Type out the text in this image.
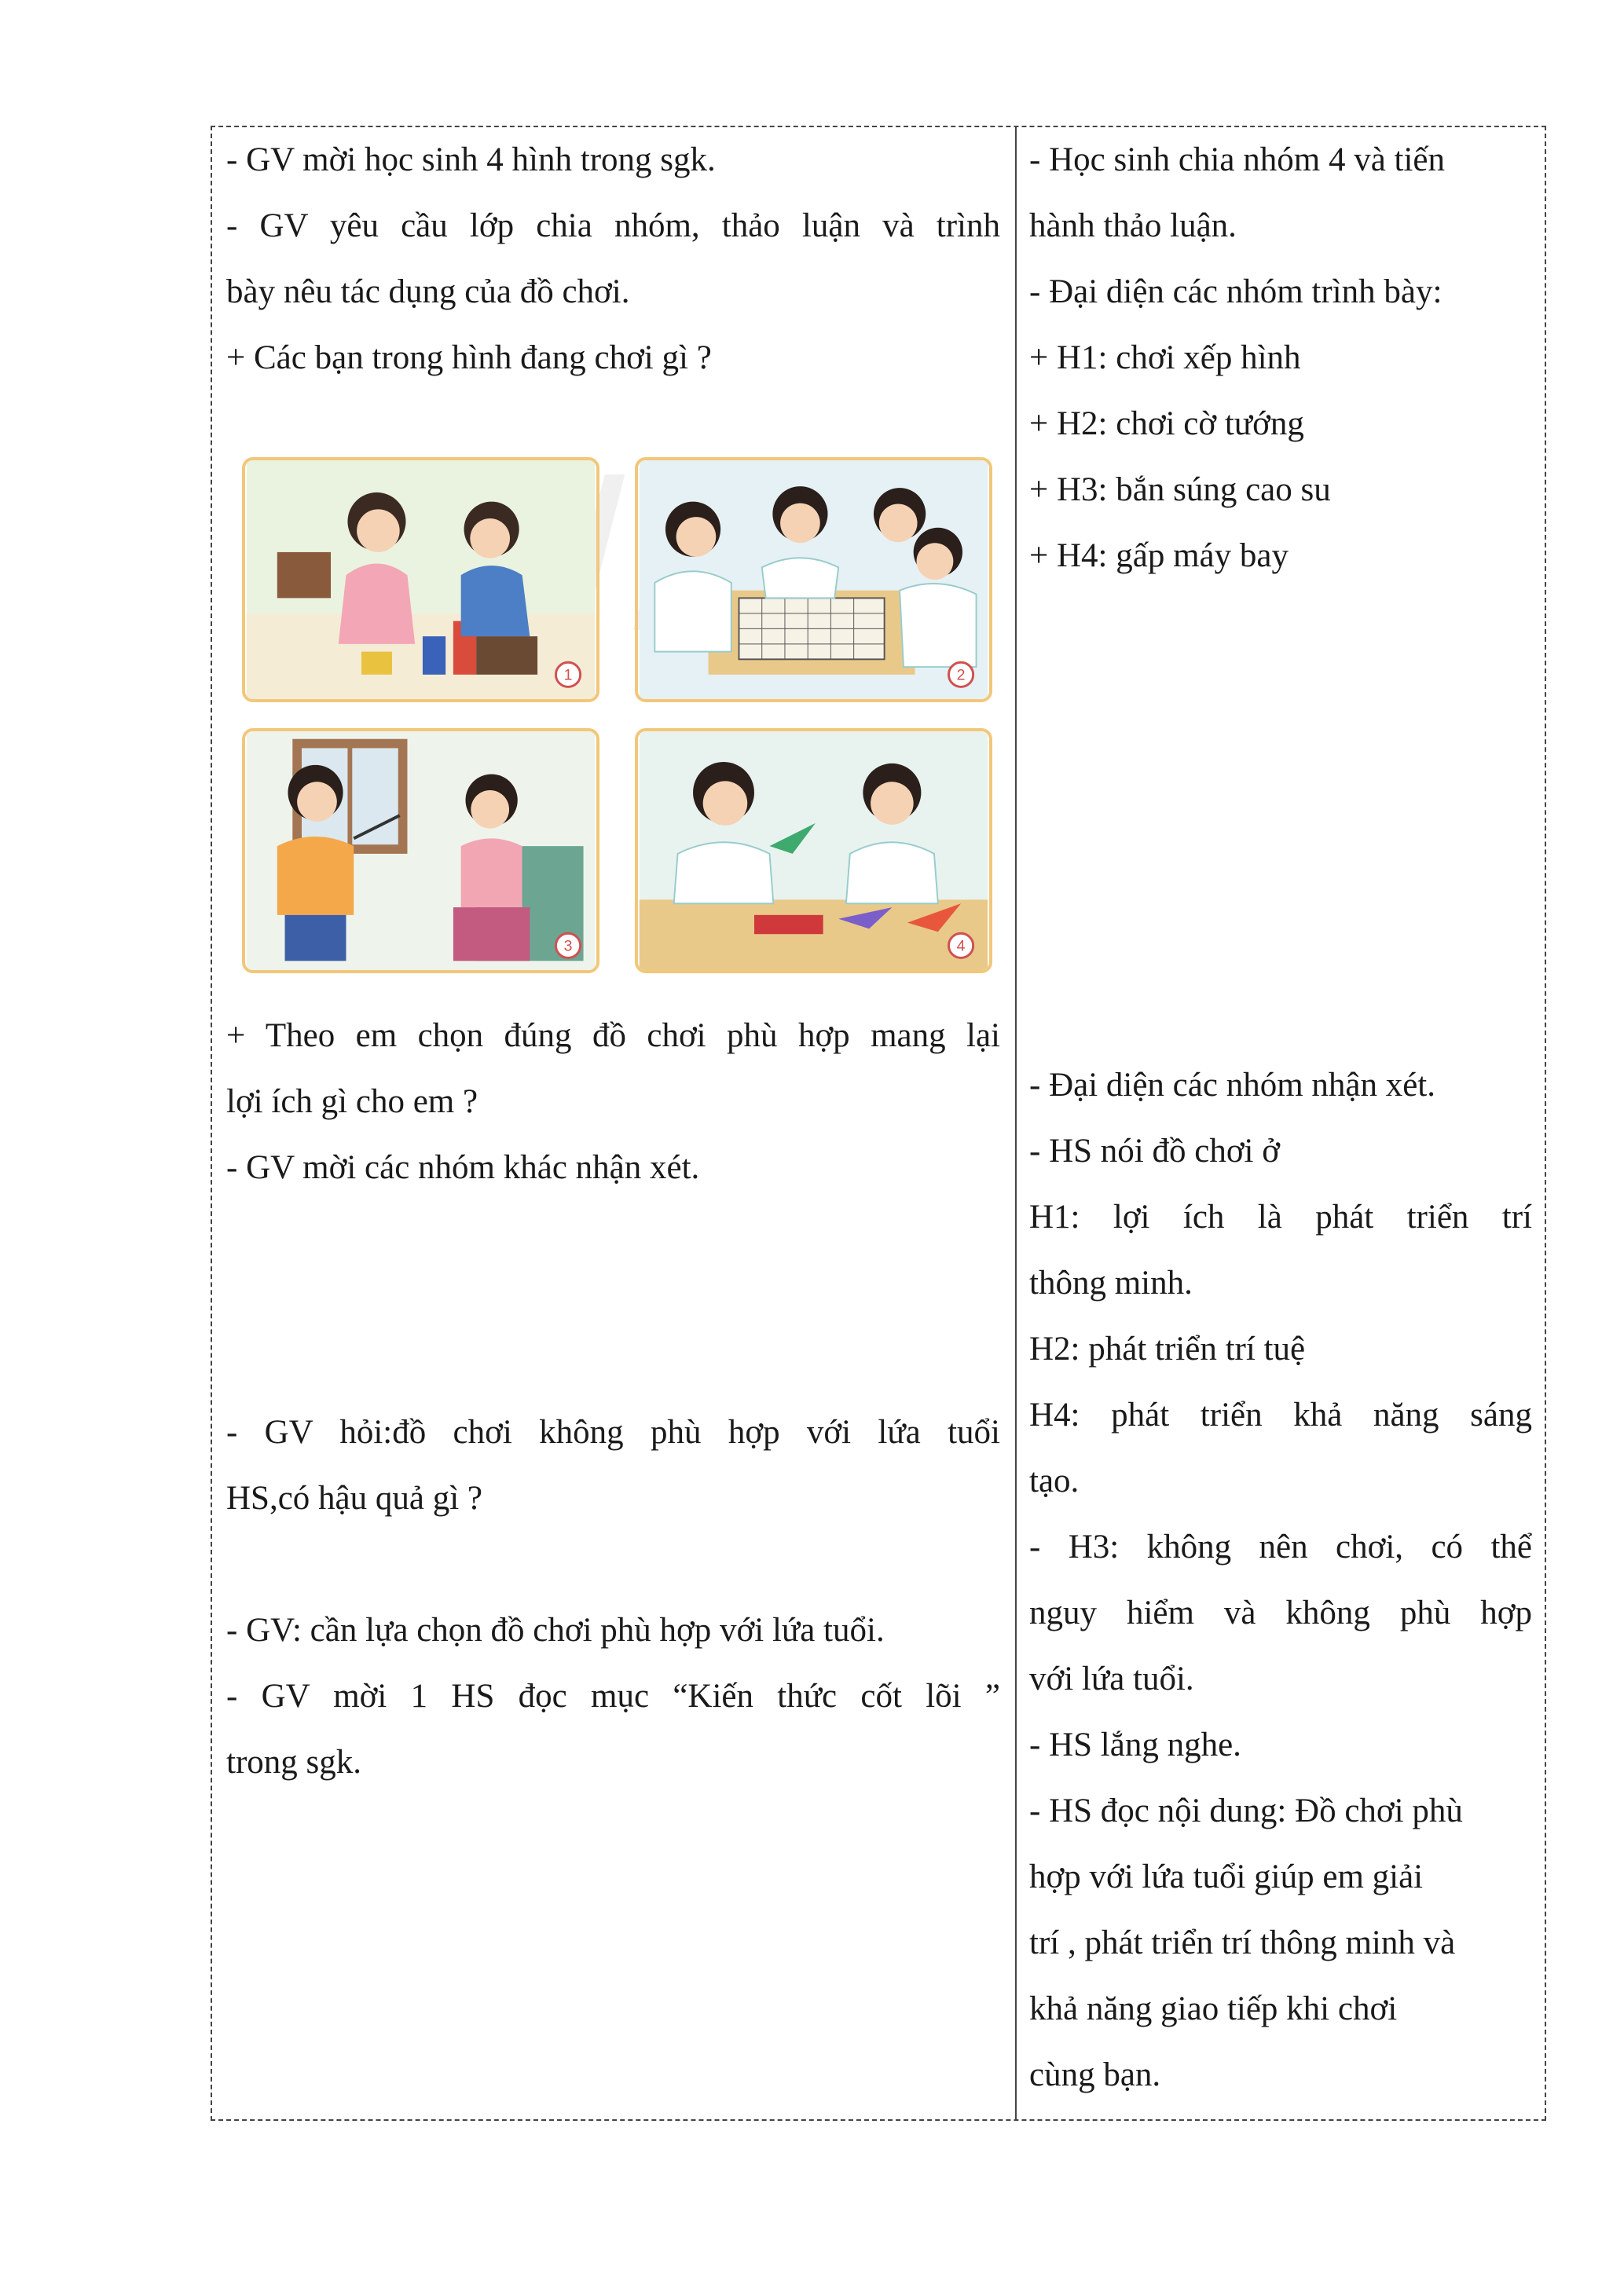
- GV mời học sinh 4 hình trong sgk.
- GV yêu cầu lớp chia nhóm, thảo luận và trình
bày nêu tác dụng của đồ chơi.
+ Các bạn trong hình đang chơi gì ?
1	2
3	4
+ Theo em chọn đúng đồ chơi phù hợp mang lại
lợi ích gì cho em ?
- GV mời các nhóm khác nhận xét.
- GV hỏi:đồ chơi không phù hợp với lứa tuổi
HS,có hậu quả gì ?
- GV: cần lựa chọn đồ chơi phù hợp với lứa tuổi.
- GV mời 1 HS đọc mục “Kiến thức cốt lõi ”
trong sgk.
- Học sinh chia nhóm 4 và tiến
hành thảo luận.
- Đại diện các nhóm trình bày:
+ H1: chơi xếp hình
+ H2: chơi cờ tướng
+ H3: bắn súng cao su
+ H4: gấp máy bay
- Đại diện các nhóm nhận xét.
- HS nói đồ chơi ở
H1: lợi ích là phát triển trí
thông minh.
H2: phát triển trí tuệ
H4: phát triển khả năng sáng
tạo.
- H3: không nên chơi, có thể
nguy hiểm và không phù hợp
với lứa tuổi.
- HS lắng nghe.
- HS đọc nội dung: Đồ chơi phù
hợp với lứa tuổi giúp em giải
trí , phát triển trí thông minh và
khả năng giao tiếp khi chơi
cùng bạn.
